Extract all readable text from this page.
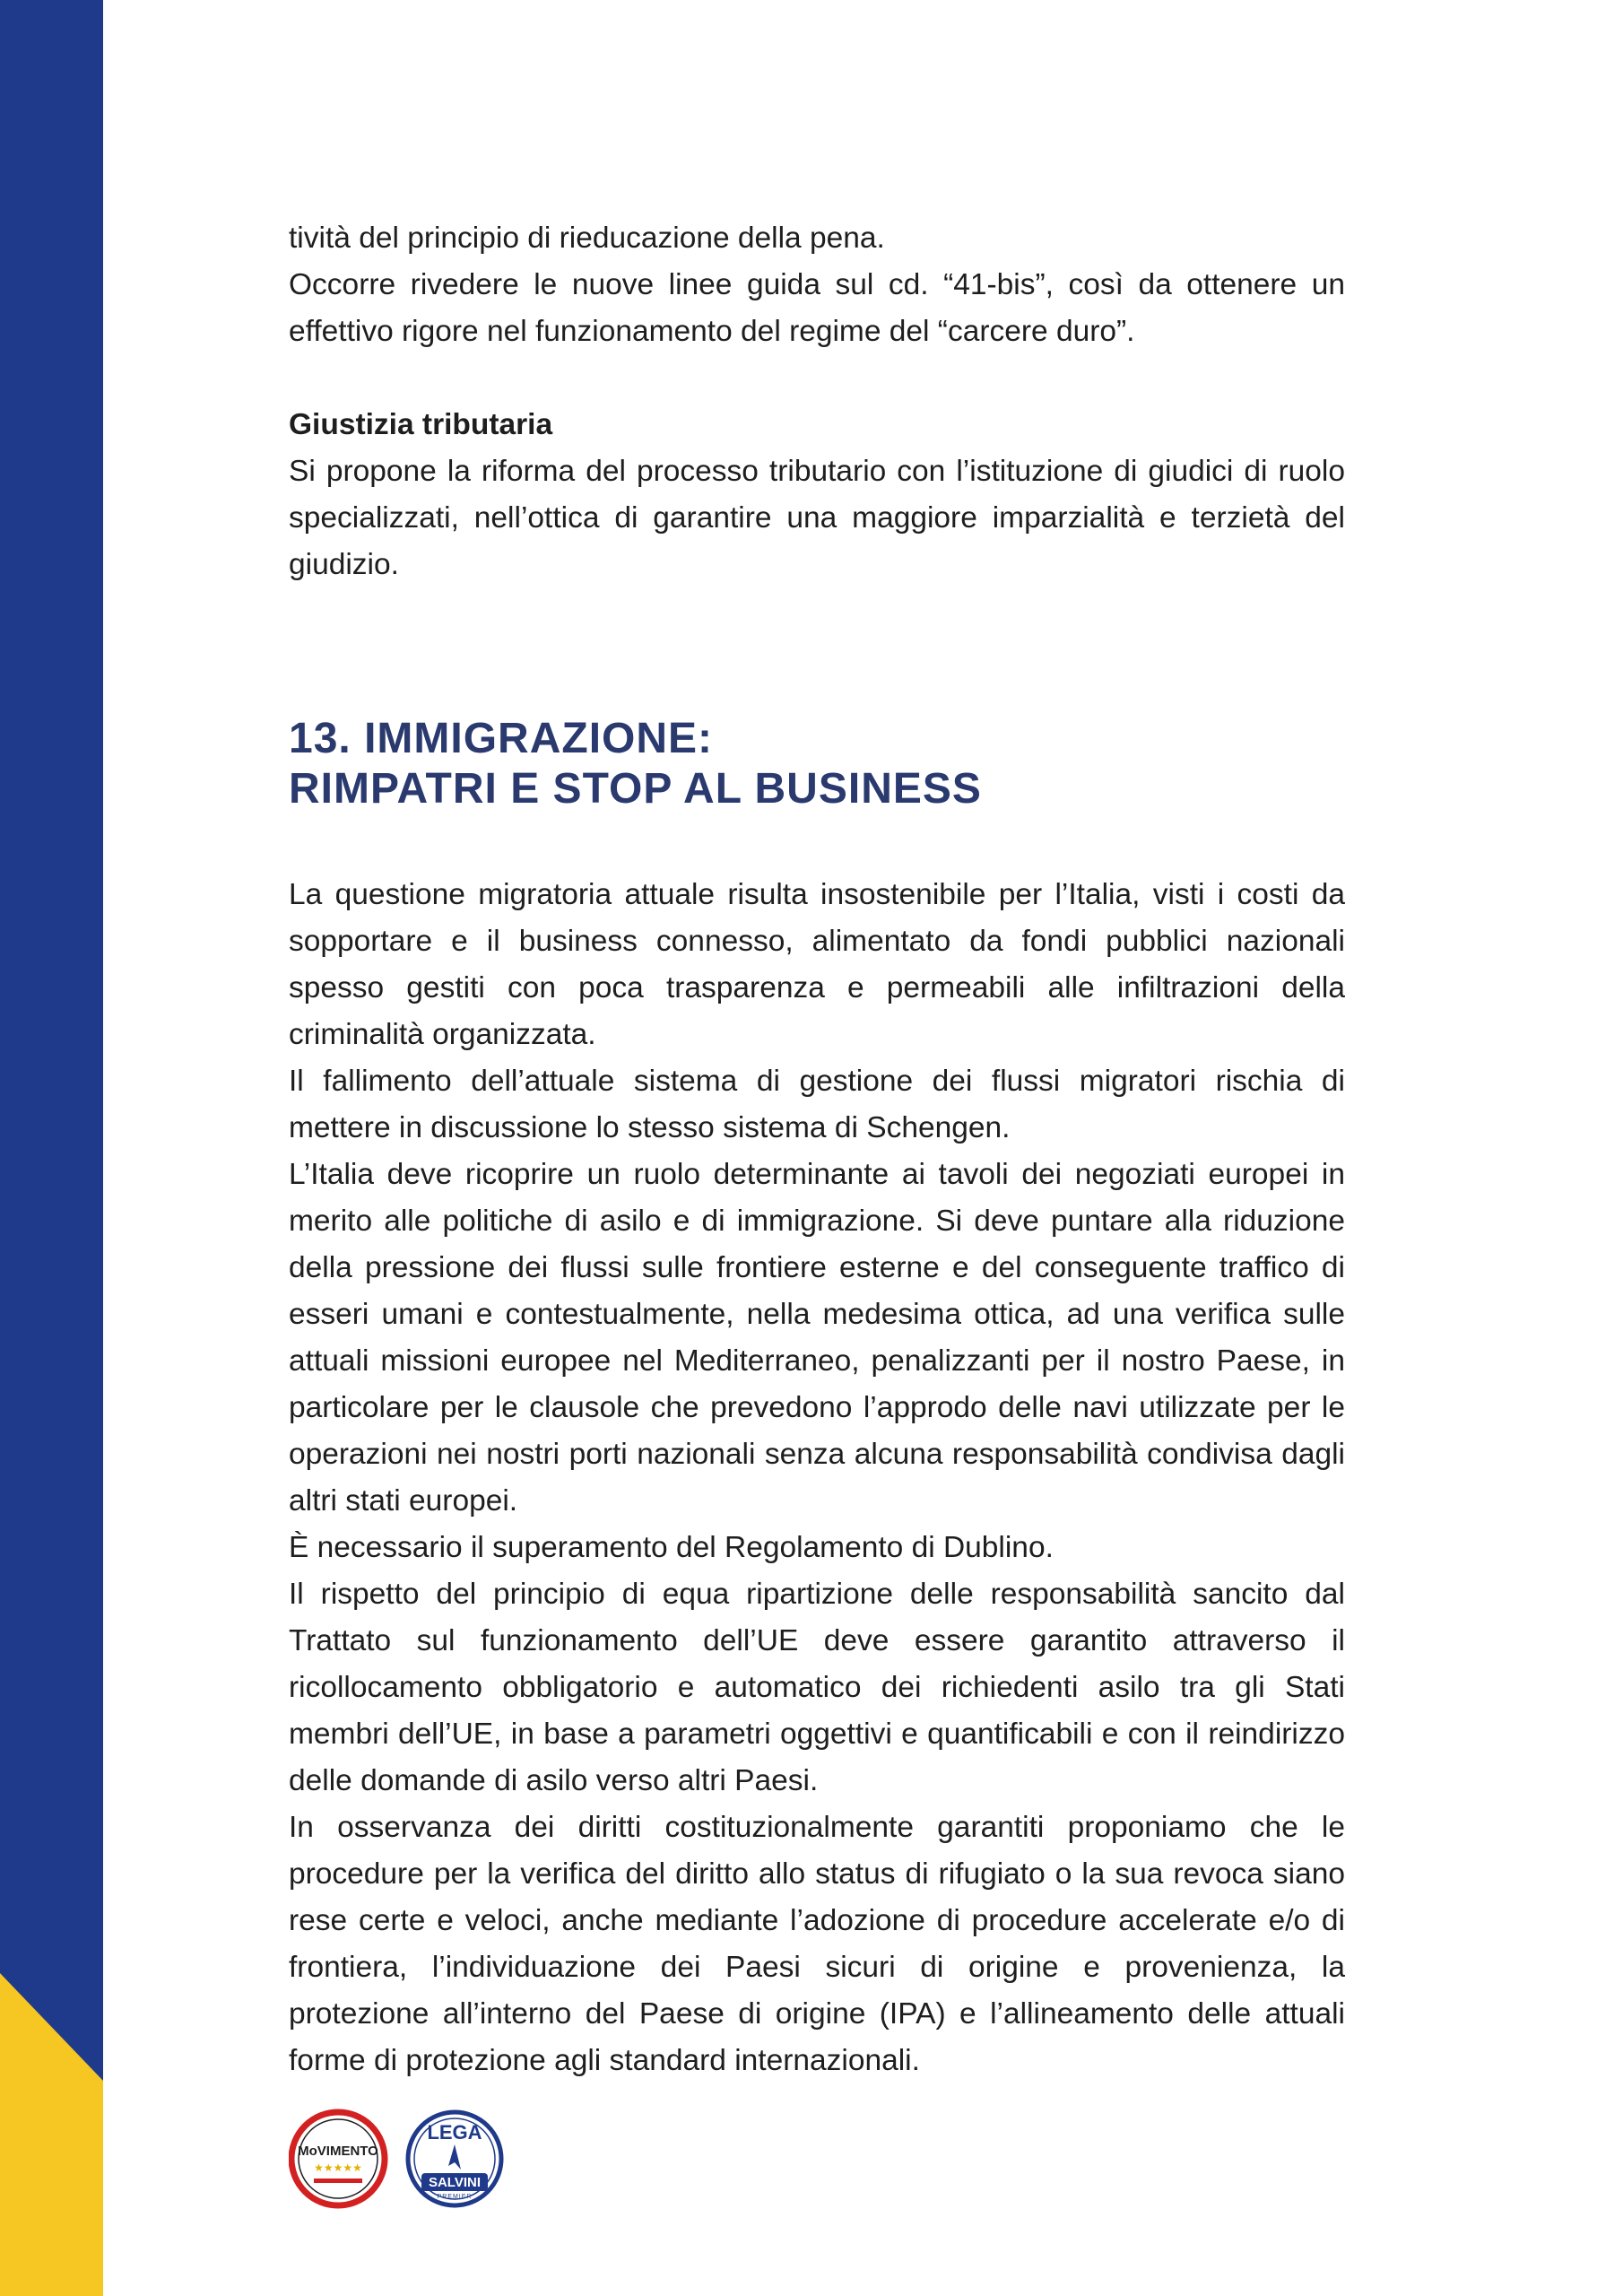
tività del principio di rieducazione della pena.

Occorre rivedere le nuove linee guida sul cd. “41-bis”, così da ottenere un effettivo rigore nel funzionamento del regime del “carcere duro”.

Giustizia tributaria

Si propone la riforma del processo tributario con l’istituzione di giudici di ruolo specializzati, nell’ottica di garantire una maggiore imparzialità e terzietà del giudizio.

13. IMMIGRAZIONE:
RIMPATRI E STOP AL BUSINESS

La questione migratoria attuale risulta insostenibile per l’Italia, visti i costi da sopportare e il business connesso, alimentato da fondi pubblici nazionali spesso gestiti con poca trasparenza e permeabili alle infiltrazioni della criminalità organizzata.

Il fallimento dell’attuale sistema di gestione dei flussi migratori rischia di mettere in discussione lo stesso sistema di Schengen.

L’Italia deve ricoprire un ruolo determinante ai tavoli dei negoziati europei in merito alle politiche di asilo e di immigrazione. Si deve puntare alla riduzione della pressione dei flussi sulle frontiere esterne e del conseguente traffico di esseri umani e contestualmente, nella medesima ottica, ad una verifica sulle attuali missioni europee nel Mediterraneo, penalizzanti per il nostro Paese, in particolare per le clausole che prevedono l’approdo delle navi utilizzate per le operazioni nei nostri porti nazionali senza alcuna responsabilità condivisa dagli altri stati europei.

È necessario il superamento del Regolamento di Dublino.

Il rispetto del principio di equa ripartizione delle responsabilità sancito dal Trattato sul funzionamento dell’UE deve essere garantito attraverso il ricollocamento obbligatorio e automatico dei richiedenti asilo tra gli Stati membri dell’UE, in base a parametri oggettivi e quantificabili e con il reindirizzo delle domande di asilo verso altri Paesi.

In osservanza dei diritti costituzionalmente garantiti proponiamo che le procedure per la verifica del diritto allo status di rifugiato o la sua revoca siano rese certe e veloci, anche mediante l’adozione di procedure accelerate e/o di frontiera, l’individuazione dei Paesi sicuri di origine e provenienza, la protezione all’interno del Paese di origine (IPA) e l’allineamento delle attuali forme di protezione agli standard internazionali.

MoVIMENTO
★★★★★
LEGA
SALVINI
PREMIER
